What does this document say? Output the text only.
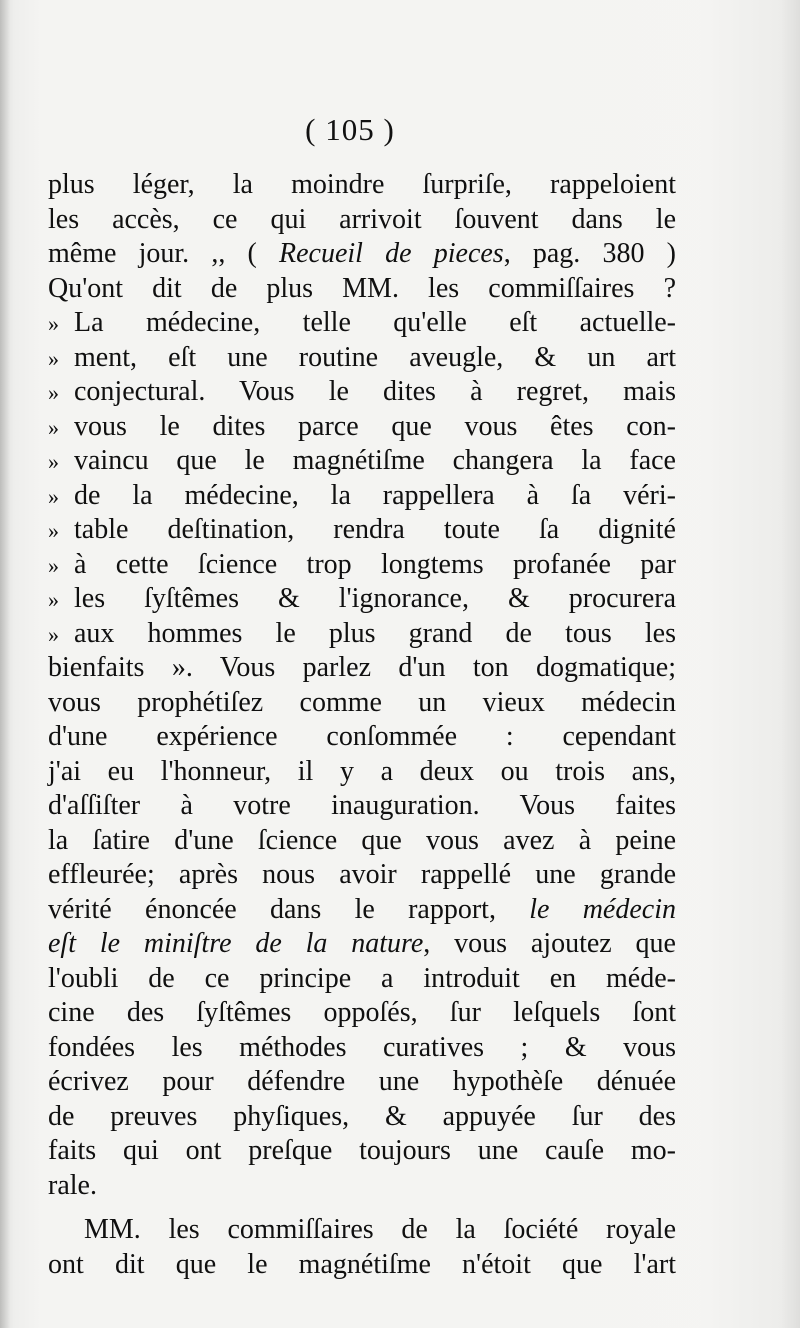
( 105 )
plus léger, la moindre ſurpriſe, rappeloient
les accès, ce qui arrivoit ſouvent dans le
même jour. ,, ( Recueil de pieces, pag. 380 )
Qu'ont dit de plus MM. les commiſſaires ?
» La médecine, telle qu'elle eſt actuelle-
» ment, eſt une routine aveugle, & un art
» conjectural. Vous le dites à regret, mais
» vous le dites parce que vous êtes con-
» vaincu que le magnétiſme changera la face
» de la médecine, la rappellera à ſa véri-
» table deſtination, rendra toute ſa dignité
» à cette ſcience trop longtems profanée par
» les ſyſtêmes & l'ignorance, & procurera
» aux hommes le plus grand de tous les
bienfaits ». Vous parlez d'un ton dogmatique;
vous prophétiſez comme un vieux médecin
d'une expérience conſommée : cependant
j'ai eu l'honneur, il y a deux ou trois ans,
d'aſſiſter à votre inauguration. Vous faites
la ſatire d'une ſcience que vous avez à peine
effleurée; après nous avoir rappellé une grande
vérité énoncée dans le rapport, le médecin
eſt le miniſtre de la nature, vous ajoutez que
l'oubli de ce principe a introduit en méde-
cine des ſyſtêmes oppoſés, ſur leſquels ſont
fondées les méthodes curatives ; & vous
écrivez pour défendre une hypothèſe dénuée
de preuves phyſiques, & appuyée ſur des
faits qui ont preſque toujours une cauſe mo-
rale.
MM. les commiſſaires de la ſociété royale
ont dit que le magnétiſme n'étoit que l'art
